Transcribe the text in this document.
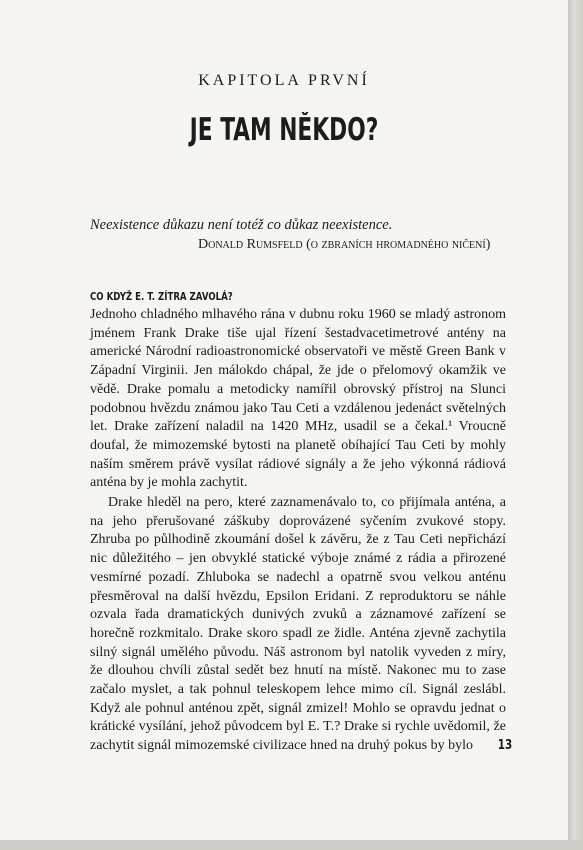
KAPITOLA PRVNÍ
JE TAM NĚKDO?
Neexistence důkazu není totéž co důkaz neexistence.
Donald Rumsfeld (o zbraních hromadného ničení)
CO KDYŽ E. T. ZÍTRA ZAVOLÁ?

Jednoho chladného mlhavého rána v dubnu roku 1960 se mladý astronom jménem Frank Drake tiše ujal řízení šestadvacetimetrové antény na americké Národní radioastronomické observatoři ve městě Green Bank v Západní Virginii. Jen málokdo chápal, že jde o přelomový okamžik ve vědě. Drake pomalu a metodicky namířil obrovský přístroj na Slunci podobnou hvězdu známou jako Tau Ceti a vzdálenou jedenáct světelných let. Drake zařízení naladil na 1420 MHz, usadil se a čekal.¹ Vroucně doufal, že mimozemské bytosti na planetě obíhající Tau Ceti by mohly naším směrem právě vysílat rádiové signály a že jeho výkonná rádiová anténa by je mohla zachytit.

Drake hleděl na pero, které zaznamenávalo to, co přijímala anténa, a na jeho přerušované záškuby doprovázené syčením zvukové stopy. Zhruba po půlhodině zkoumání došel k závěru, že z Tau Ceti nepřichází nic důležitého – jen obvyklé statické výboje známé z rádia a přirozené vesmírné pozadí. Zhluboka se nadechl a opatrně svou velkou anténu přesměroval na další hvězdu, Epsilon Eridani. Z reproduktoru se náhle ozvala řada dramatických dunivých zvuků a záznamové zařízení se horečně rozkmitalo. Drake skoro spadl ze židle. Anténa zjevně zachytila silný signál umělého původu. Náš astronom byl natolik vyveden z míry, že dlouhou chvíli zůstal sedět bez hnutí na místě. Nakonec mu to zase začalo myslet, a tak pohnul teleskopem lehce mimo cíl. Signál zeslábl. Když ale pohnul anténou zpět, signál zmizel! Mohlo se opravdu jednat o krátické vysílání, jehož původcem byl E. T.? Drake si rychle uvědomil, že zachytit signál mimozemské civilizace hned na druhý pokus by bylo	13
